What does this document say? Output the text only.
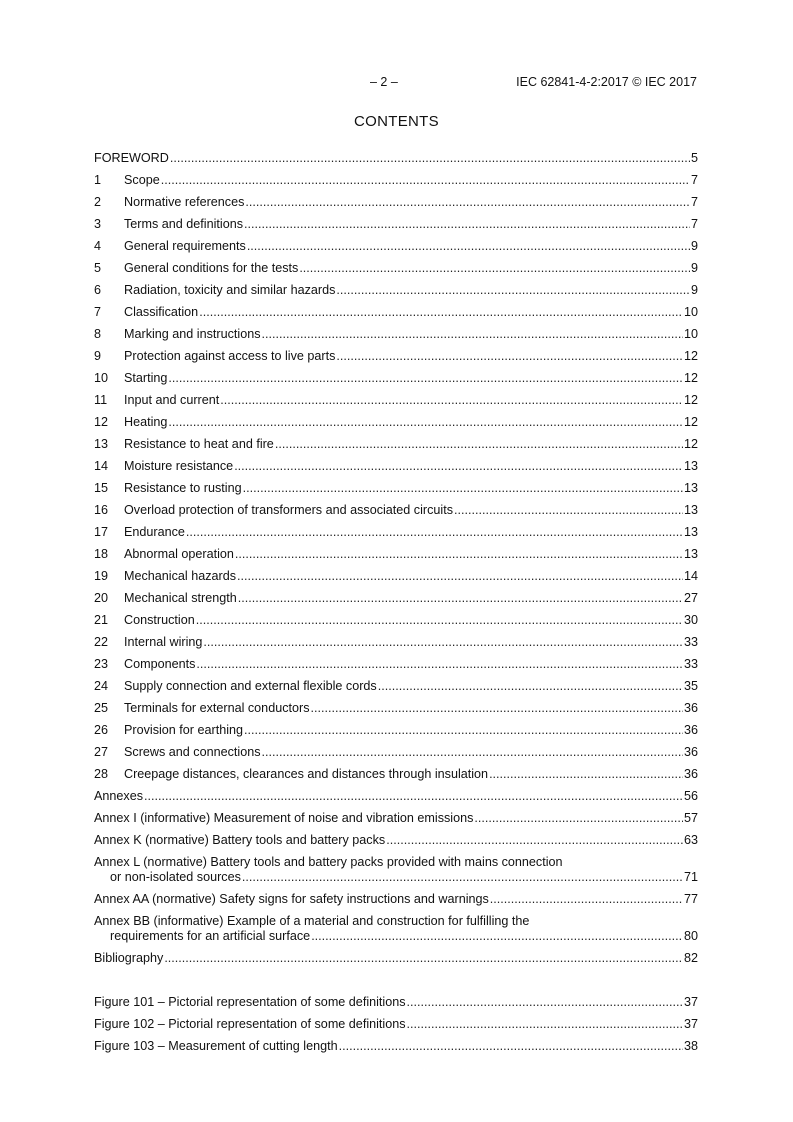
– 2 –	IEC 62841-4-2:2017 © IEC 2017
CONTENTS
FOREWORD .....	5
1	Scope .....	7
2	Normative references .....	7
3	Terms and definitions .....	7
4	General requirements .....	9
5	General conditions for the tests .....	9
6	Radiation, toxicity and similar hazards .....	9
7	Classification .....	10
8	Marking and instructions .....	10
9	Protection against access to live parts .....	12
10	Starting .....	12
11	Input and current .....	12
12	Heating .....	12
13	Resistance to heat and fire .....	12
14	Moisture resistance .....	13
15	Resistance to rusting .....	13
16	Overload protection of transformers and associated circuits .....	13
17	Endurance .....	13
18	Abnormal operation .....	13
19	Mechanical hazards .....	14
20	Mechanical strength .....	27
21	Construction .....	30
22	Internal wiring .....	33
23	Components .....	33
24	Supply connection and external flexible cords .....	35
25	Terminals for external conductors .....	36
26	Provision for earthing .....	36
27	Screws and connections .....	36
28	Creepage distances, clearances and distances through insulation .....	36
Annexes .....	56
Annex I (informative) Measurement of noise and vibration emissions .....	57
Annex K (normative) Battery tools and battery packs .....	63
Annex L (normative) Battery tools and battery packs provided with mains connection
or non-isolated sources .....	71
Annex AA (normative) Safety signs for safety instructions and warnings .....	77
Annex BB (informative) Example of a material and construction for fulfilling the
requirements for an artificial surface .....	80
Bibliography .....	82
Figure 101 – Pictorial representation of some definitions .....	37
Figure 102 – Pictorial representation of some definitions .....	37
Figure 103 – Measurement of cutting length .....	38
